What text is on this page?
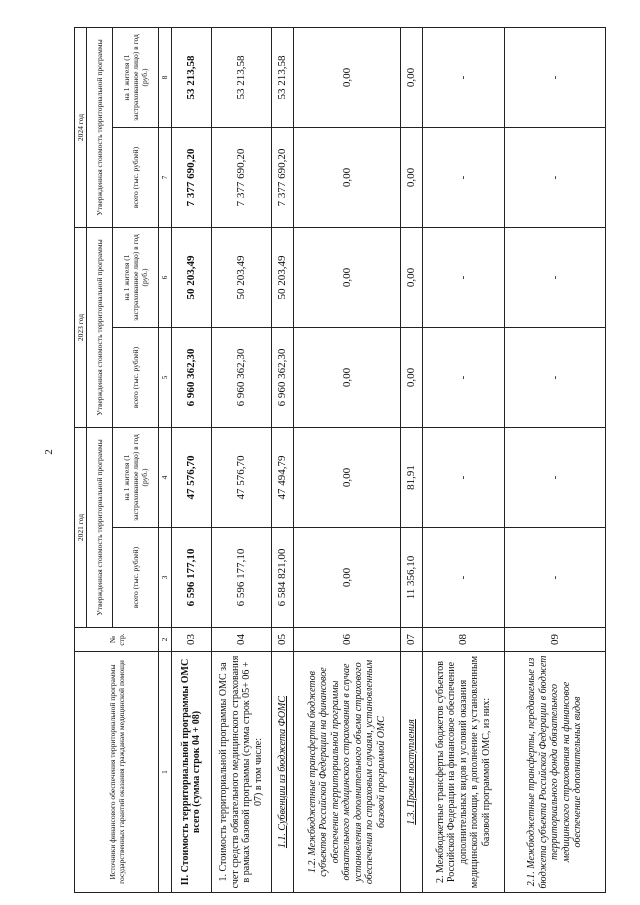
2
Источники финансового обеспечения территориальной программы государственных гарантий оказания гражданам медицинской помощи	№ стр.	2021 год		2023 год		2024 год	
		Утвержденная стоимость территориальной программы		Утвержденная стоимость территориальной программы		Утвержденная стоимость территориальной программы	
		всего (тыс. рублей)	на 1 жителя (1 застрахованное лицо) в год (руб.)	всего (тыс. рублей)	на 1 жителя (1 застрахованное лицо) в год (руб.)	всего (тыс. рублей)	на 1 жителя (1 застрахованное лицо) в год (руб.)
1	2	3	4	5	6	7	8
II. Стоимость территориальной программы ОМС всего (сумма строк 04 + 08)	03	6 596 177,10	47 576,70	6 960 362,30	50 203,49	7 377 690,20	53 213,58
1. Стоимость территориальной программы ОМС за счет средств обязательного медицинского страхования в рамках базовой программы (сумма строк 05+ 06 + 07) в том числе:	04	6 596 177,10	47 576,70	6 960 362,30	50 203,49	7 377 690,20	53 213,58
1.1. Субвенции из бюджета ФОМС	05	6 584 821,00	47 494,79	6 960 362,30	50 203,49	7 377 690,20	53 213,58
1.2. Межбюджетные трансферты бюджетов субъектов Российской Федерации на финансовое обеспечение территориальной программы обязательного медицинского страхования в случае установления дополнительного объема страхового обеспечения по страховым случаям, установленным базовой программой ОМС	06	0,00	0,00	0,00	0,00	0,00	0,00
1.3. Прочие поступления	07	11 356,10	81,91	0,00	0,00	0,00	0,00
2. Межбюджетные трансферты бюджетов субъектов Российской Федерации на финансовое обеспечение дополнительных видов и условий оказания медицинской помощи, в дополнение к установленным базовой программой ОМС, из них:	08	-	-	-	-	-	-
2.1. Межбюджетные трансферты, передаваемые из бюджета субъекта Российской Федерации в бюджет территориального фонда обязательного медицинского страхования на финансовое обеспечение дополнительных видов	09	-	-	-	-	-	-
